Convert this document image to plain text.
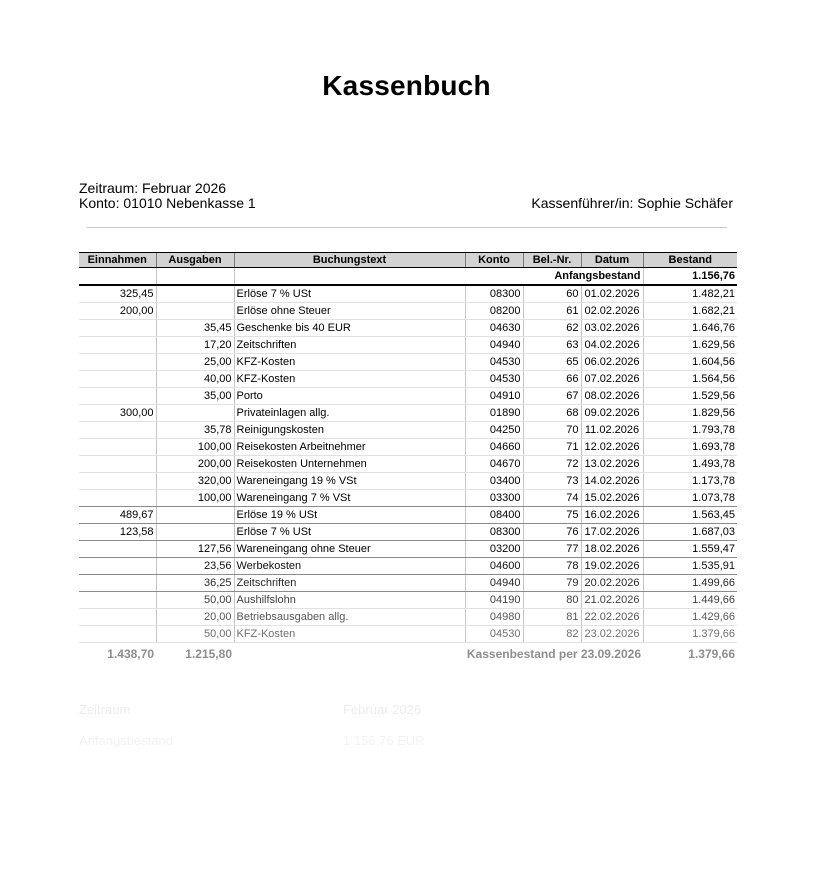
Kassenbuch
Zeitraum: Februar 2026
Konto: 01010 Nebenkasse 1	Kassenführer/in: Sophie Schäfer
Einnahmen	Ausgaben	Buchungstext	Konto	Bel.-Nr.	Datum	Bestand
		Anfangsbestand				1.156,76
325,45		Erlöse 7 % USt	08300	60	01.02.2026	1.482,21
200,00		Erlöse ohne Steuer	08200	61	02.02.2026	1.682,21
	35,45	Geschenke bis 40 EUR	04630	62	03.02.2026	1.646,76
	17,20	Zeitschriften	04940	63	04.02.2026	1.629,56
	25,00	KFZ-Kosten	04530	65	06.02.2026	1.604,56
	40,00	KFZ-Kosten	04530	66	07.02.2026	1.564,56
	35,00	Porto	04910	67	08.02.2026	1.529,56
300,00		Privateinlagen allg.	01890	68	09.02.2026	1.829,56
	35,78	Reinigungskosten	04250	70	11.02.2026	1.793,78
	100,00	Reisekosten Arbeitnehmer	04660	71	12.02.2026	1.693,78
	200,00	Reisekosten Unternehmen	04670	72	13.02.2026	1.493,78
	320,00	Wareneingang 19 % VSt	03400	73	14.02.2026	1.173,78
	100,00	Wareneingang 7 % VSt	03300	74	15.02.2026	1.073,78
489,67		Erlöse 19 % USt	08400	75	16.02.2026	1.563,45
123,58		Erlöse 7 % USt	08300	76	17.02.2026	1.687,03
	127,56	Wareneingang ohne Steuer	03200	77	18.02.2026	1.559,47
	23,56	Werbekosten	04600	78	19.02.2026	1.535,91
	36,25	Zeitschriften	04940	79	20.02.2026	1.499,66
	50,00	Aushilfslohn	04190	80	21.02.2026	1.449,66
	20,00	Betriebsausgaben allg.	04980	81	22.02.2026	1.429,66
	50,00	KFZ-Kosten	04530	82	23.02.2026	1.379,66
1.438,70	1.215,80	Kassenbestand per 23.09.2026				1.379,66
Zeitraum	Februar 2026
Anfangsbestand	1.156,76 EUR
